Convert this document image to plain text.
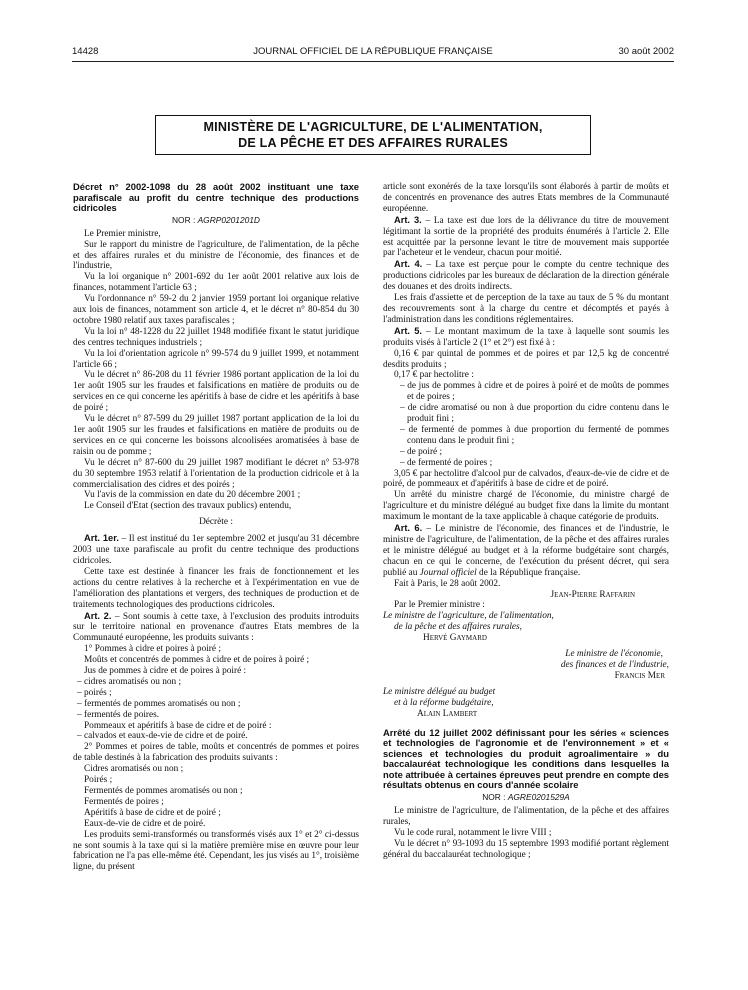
14428	JOURNAL OFFICIEL DE LA RÉPUBLIQUE FRANÇAISE	30 août 2002
MINISTÈRE DE L'AGRICULTURE, DE L'ALIMENTATION,
DE LA PÊCHE ET DES AFFAIRES RURALES

Décret n° 2002-1098 du 28 août 2002 instituant une taxe parafiscale au profit du centre technique des productions cidricoles

NOR : AGRP0201201D

Le Premier ministre,

Sur le rapport du ministre de l'agriculture, de l'alimentation, de la pêche et des affaires rurales et du ministre de l'économie, des finances et de l'industrie,

Vu la loi organique n° 2001-692 du 1er août 2001 relative aux lois de finances, notamment l'article 63 ;

Vu l'ordonnance n° 59-2 du 2 janvier 1959 portant loi organique relative aux lois de finances, notamment son article 4, et le décret n° 80-854 du 30 octobre 1980 relatif aux taxes parafiscales ;

Vu la loi n° 48-1228 du 22 juillet 1948 modifiée fixant le statut juridique des centres techniques industriels ;

Vu la loi d'orientation agricole n° 99-574 du 9 juillet 1999, et notamment l'article 66 ;

Vu le décret n° 86-208 du 11 février 1986 portant application de la loi du 1er août 1905 sur les fraudes et falsifications en matière de produits ou de services en ce qui concerne les apéritifs à base de cidre et les apéritifs à base de poiré ;

Vu le décret n° 87-599 du 29 juillet 1987 portant application de la loi du 1er août 1905 sur les fraudes et falsifications en matière de produits ou de services en ce qui concerne les boissons alcoolisées aromatisées à base de raisin ou de pomme ;

Vu le décret n° 87-600 du 29 juillet 1987 modifiant le décret n° 53-978 du 30 septembre 1953 relatif à l'orientation de la production cidricole et à la commercialisation des cidres et des poirés ;

Vu l'avis de la commission en date du 20 décembre 2001 ;

Le Conseil d'Etat (section des travaux publics) entendu,

Décrète :

Art. 1er. – Il est institué du 1er septembre 2002 et jusqu'au 31 décembre 2003 une taxe parafiscale au profit du centre technique des productions cidricoles.

Cette taxe est destinée à financer les frais de fonctionnement et les actions du centre relatives à la recherche et à l'expérimentation en vue de l'amélioration des plantations et vergers, des techniques de production et de traitements technologiques des productions cidricoles.

Art. 2. – Sont soumis à cette taxe, à l'exclusion des produits introduits sur le territoire national en provenance d'autres Etats membres de la Communauté européenne, les produits suivants :

1° Pommes à cidre et poires à poiré ;

Moûts et concentrés de pommes à cidre et de poires à poiré ;

Jus de pommes à cidre et de poires à poiré :

– cidres aromatisés ou non ;

– poirés ;

– fermentés de pommes aromatisés ou non ;

– fermentés de poires.

Pommeaux et apéritifs à base de cidre et de poiré :

– calvados et eaux-de-vie de cidre et de poiré.

2° Pommes et poires de table, moûts et concentrés de pommes et poires de table destinés à la fabrication des produits suivants :

Cidres aromatisés ou non ;

Poirés ;

Fermentés de pommes aromatisés ou non ;

Fermentés de poires ;

Apéritifs à base de cidre et de poiré ;

Eaux-de-vie de cidre et de poiré.

Les produits semi-transformés ou transformés visés aux 1° et 2° ci-dessus ne sont soumis à la taxe qui si la matière première mise en œuvre pour leur fabrication ne l'a pas elle-même été. Cependant, les jus visés au 1°, troisième ligne, du présent

article sont exonérés de la taxe lorsqu'ils sont élaborés à partir de moûts et de concentrés en provenance des autres Etats membres de la Communauté européenne.

Art. 3. – La taxe est due lors de la délivrance du titre de mouvement légitimant la sortie de la propriété des produits énumérés à l'article 2. Elle est acquittée par la personne levant le titre de mouvement mais supportée par l'acheteur et le vendeur, chacun pour moitié.

Art. 4. – La taxe est perçue pour le compte du centre technique des productions cidricoles par les bureaux de déclaration de la direction générale des douanes et des droits indirects.

Les frais d'assiette et de perception de la taxe au taux de 5 % du montant des recouvrements sont à la charge du centre et décomptés et payés à l'administration dans les conditions réglementaires.

Art. 5. – Le montant maximum de la taxe à laquelle sont soumis les produits visés à l'article 2 (1° et 2°) est fixé à :

0,16 € par quintal de pommes et de poires et par 12,5 kg de concentré desdits produits ;

0,17 € par hectolitre :

– de jus de pommes à cidre et de poires à poiré et de moûts de pommes et de poires ;

– de cidre aromatisé ou non à due proportion du cidre contenu dans le produit fini ;

– de fermenté de pommes à due proportion du fermenté de pommes contenu dans le produit fini ;

– de poiré ;

– de fermenté de poires ;

3,05 € par hectolitre d'alcool pur de calvados, d'eaux-de-vie de cidre et de poiré, de pommeaux et d'apéritifs à base de cidre et de poiré.

Un arrêté du ministre chargé de l'économie, du ministre chargé de l'agriculture et du ministre délégué au budget fixe dans la limite du montant maximum le montant de la taxe applicable à chaque catégorie de produits.

Art. 6. – Le ministre de l'économie, des finances et de l'industrie, le ministre de l'agriculture, de l'alimentation, de la pêche et des affaires rurales et le ministre délégué au budget et à la réforme budgétaire sont chargés, chacun en ce qui le concerne, de l'exécution du présent décret, qui sera publié au Journal officiel de la République française.

Fait à Paris, le 28 août 2002.

Jean-Pierre Raffarin

Par le Premier ministre :

Le ministre de l'agriculture, de l'alimentation,

de la pêche et des affaires rurales,

Hervé Gaymard

Le ministre de l'économie,

des finances et de l'industrie,

Francis Mer

Le ministre délégué au budget

et à la réforme budgétaire,

Alain Lambert

Arrêté du 12 juillet 2002 définissant pour les séries « sciences et technologies de l'agronomie et de l'environnement » et « sciences et technologies du produit agroalimentaire » du baccalauréat technologique les conditions dans lesquelles la note attribuée à certaines épreuves peut prendre en compte des résultats obtenus en cours d'année scolaire

NOR : AGRE0201529A

Le ministre de l'agriculture, de l'alimentation, de la pêche et des affaires rurales,

Vu le code rural, notamment le livre VIII ;

Vu le décret n° 93-1093 du 15 septembre 1993 modifié portant règlement général du baccalauréat technologique ;
